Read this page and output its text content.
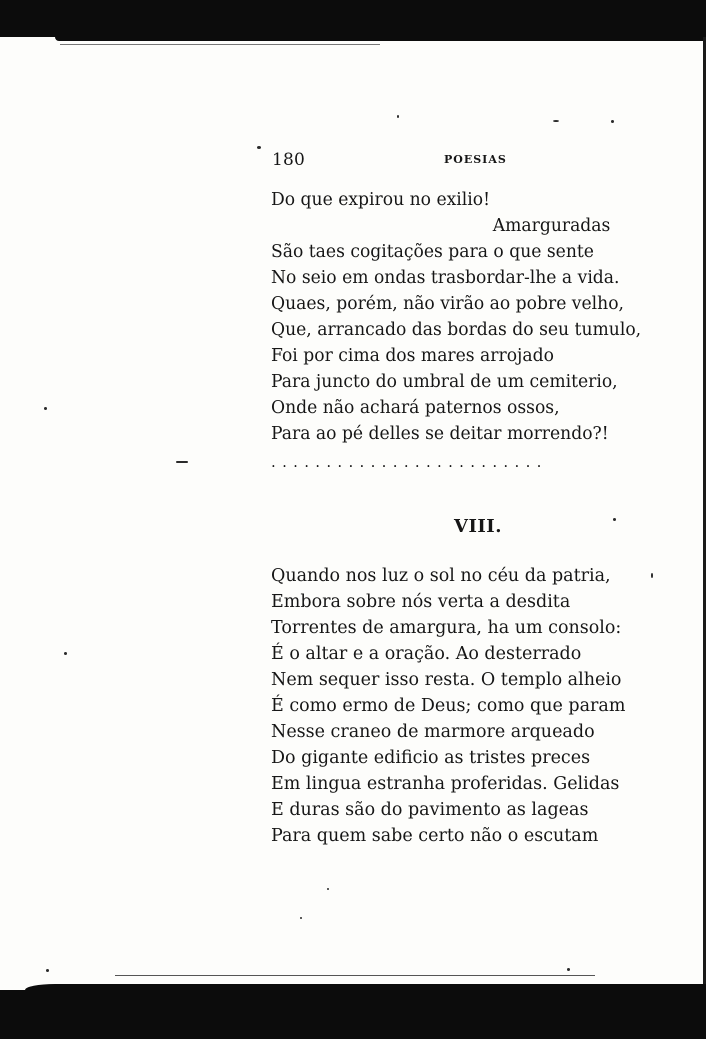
180	POESIAS
Do que expirou no exilio!
Amarguradas
São taes cogitações para o que sente
No seio em ondas trasbordar-lhe a vida.
Quaes, porém, não virão ao pobre velho,
Que, arrancado das bordas do seu tumulo,
Foi por cima dos mares arrojado
Para juncto do umbral de um cemiterio,
Onde não achará paternos ossos,
Para ao pé delles se deitar morrendo?!
.........................
VIII.
Quando nos luz o sol no céu da patria,
Embora sobre nós verta a desdita
Torrentes de amargura, ha um consolo:
É o altar e a oração. Ao desterrado
Nem sequer isso resta. O templo alheio
É como ermo de Deus; como que param
Nesse craneo de marmore arqueado
Do gigante edificio as tristes preces
Em lingua estranha proferidas. Gelidas
E duras são do pavimento as lageas
Para quem sabe certo não o escutam
